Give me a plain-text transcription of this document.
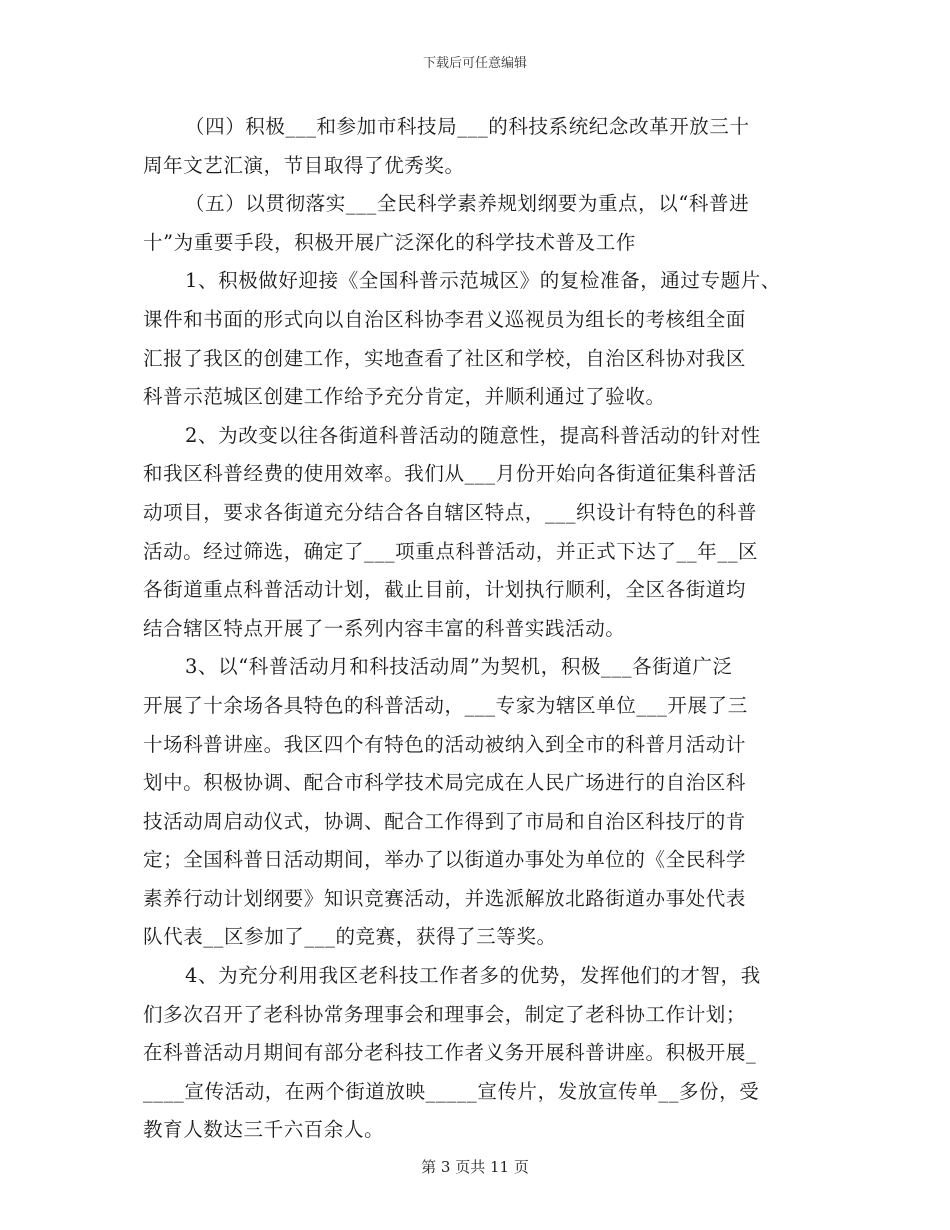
下载后可任意编辑
（四）积极___和参加市科技局___的科技系统纪念改革开放三十
周年文艺汇演，节目取得了优秀奖。
（五）以贯彻落实___全民科学素养规划纲要为重点，以“科普进
十”为重要手段，积极开展广泛深化的科学技术普及工作
1、积极做好迎接《全国科普示范城区》的复检准备，通过专题片、
课件和书面的形式向以自治区科协李君义巡视员为组长的考核组全面
汇报了我区的创建工作，实地查看了社区和学校，自治区科协对我区
科普示范城区创建工作给予充分肯定，并顺利通过了验收。
2、为改变以往各街道科普活动的随意性，提高科普活动的针对性
和我区科普经费的使用效率。我们从___月份开始向各街道征集科普活
动项目，要求各街道充分结合各自辖区特点，___织设计有特色的科普
活动。经过筛选，确定了___项重点科普活动，并正式下达了__年__区
各街道重点科普活动计划，截止目前，计划执行顺利，全区各街道均
结合辖区特点开展了一系列内容丰富的科普实践活动。
3、以“科普活动月和科技活动周”为契机，积极___各街道广泛
开展了十余场各具特色的科普活动，___专家为辖区单位___开展了三
十场科普讲座。我区四个有特色的活动被纳入到全市的科普月活动计
划中。积极协调、配合市科学技术局完成在人民广场进行的自治区科
技活动周启动仪式，协调、配合工作得到了市局和自治区科技厅的肯
定；全国科普日活动期间，举办了以街道办事处为单位的《全民科学
素养行动计划纲要》知识竞赛活动，并选派解放北路街道办事处代表
队代表__区参加了___的竞赛，获得了三等奖。
4、为充分利用我区老科技工作者多的优势，发挥他们的才智，我
们多次召开了老科协常务理事会和理事会，制定了老科协工作计划；
在科普活动月期间有部分老科技工作者义务开展科普讲座。积极开展_
____宣传活动，在两个街道放映_____宣传片，发放宣传单__多份，受
教育人数达三千六百余人。
第 3 页共 11 页
